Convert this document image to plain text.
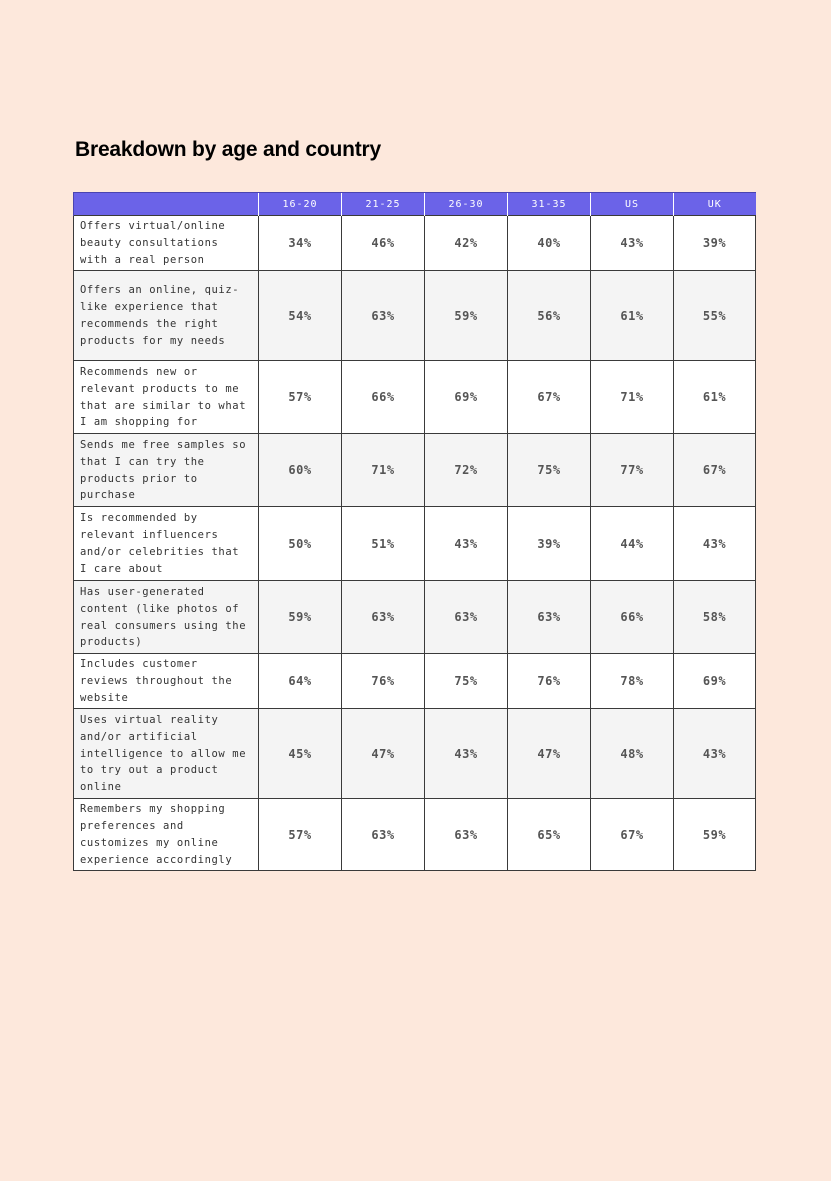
Breakdown by age and country
	16-20	21-25	26-30	31-35	US	UK
Offers virtual/online beauty consultations with a real person	34%	46%	42%	40%	43%	39%
Offers an online, quiz-like experience that recommends the right products for my needs	54%	63%	59%	56%	61%	55%
Recommends new or relevant products to me that are similar to what I am shopping for	57%	66%	69%	67%	71%	61%
Sends me free samples so that I can try the products prior to purchase	60%	71%	72%	75%	77%	67%
Is recommended by relevant influencers and/or celebrities that I care about	50%	51%	43%	39%	44%	43%
Has user-generated content (like photos of real consumers using the products)	59%	63%	63%	63%	66%	58%
Includes customer reviews throughout the website	64%	76%	75%	76%	78%	69%
Uses virtual reality and/or artificial intelligence to allow me to try out a product online	45%	47%	43%	47%	48%	43%
Remembers my shopping preferences and customizes my online experience accordingly	57%	63%	63%	65%	67%	59%
